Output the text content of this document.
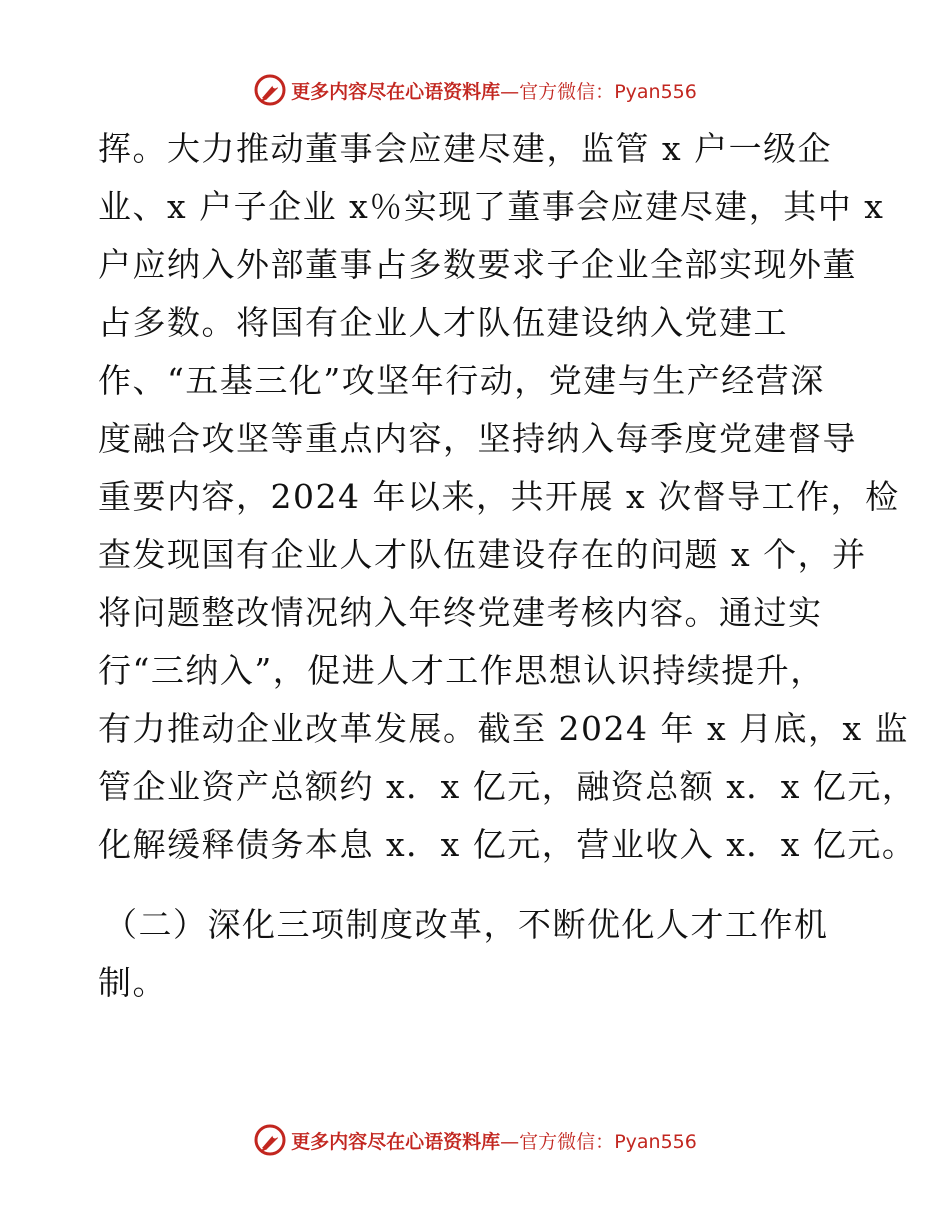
更多内容尽在心语资料库—官方微信：Pyan556
挥。大力推动董事会应建尽建，监管 x 户一级企
业、x 户子企业 x％实现了董事会应建尽建，其中 x
户应纳入外部董事占多数要求子企业全部实现外董
占多数。将国有企业人才队伍建设纳入党建工
作、“五基三化”攻坚年行动，党建与生产经营深
度融合攻坚等重点内容，坚持纳入每季度党建督导
重要内容，2024 年以来，共开展 x 次督导工作，检
查发现国有企业人才队伍建设存在的问题 x 个，并
将问题整改情况纳入年终党建考核内容。通过实
行“三纳入”，促进人才工作思想认识持续提升，
有力推动企业改革发展。截至 2024 年 x 月底，x 监
管企业资产总额约 x．x 亿元，融资总额 x．x 亿元，
化解缓释债务本息 x．x 亿元，营业收入 x．x 亿元。
（二）深化三项制度改革，不断优化人才工作机
制。
更多内容尽在心语资料库—官方微信：Pyan556
